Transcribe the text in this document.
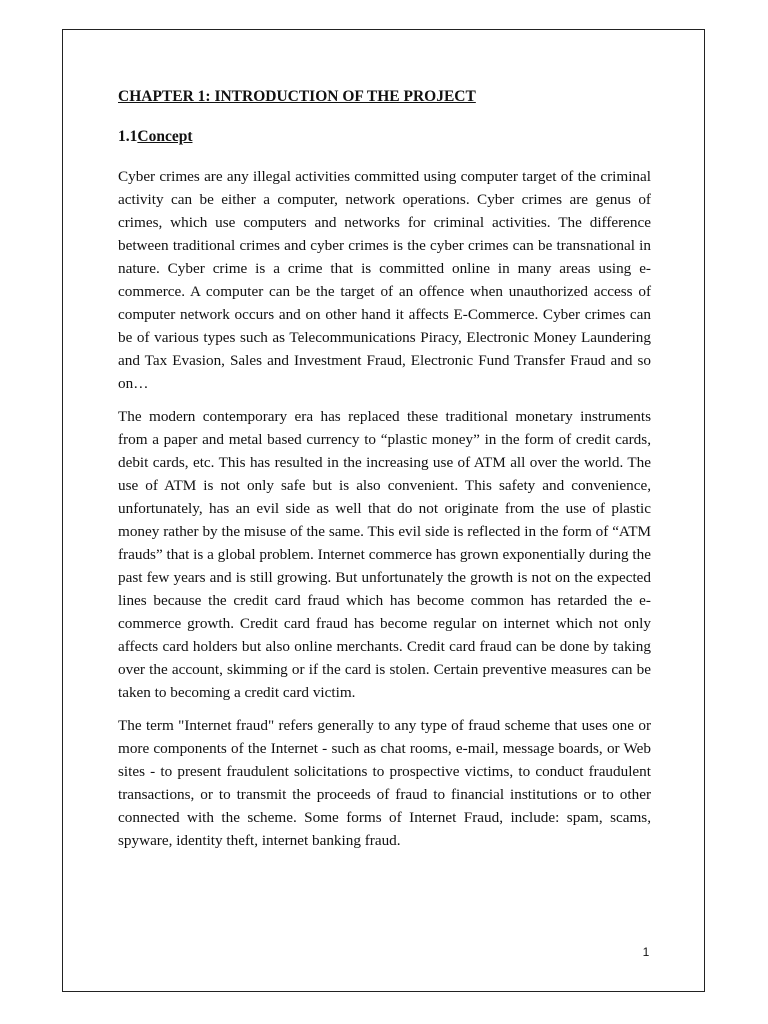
CHAPTER 1: INTRODUCTION OF THE PROJECT
1.1Concept

Cyber crimes are any illegal activities committed using computer target of the criminal activity can be either a computer, network operations. Cyber crimes are genus of crimes, which use computers and networks for criminal activities. The difference between traditional crimes and cyber crimes is the cyber crimes can be transnational in nature. Cyber crime is a crime that is committed online in many areas using e-commerce. A computer can be the target of an offence when unauthorized access of computer network occurs and on other hand it affects E-Commerce. Cyber crimes can be of various types such as Telecommunications Piracy, Electronic Money Laundering and Tax Evasion, Sales and Investment Fraud, Electronic Fund Transfer Fraud and so on…

The modern contemporary era has replaced these traditional monetary instruments from a paper and metal based currency to “plastic money” in the form of credit cards, debit cards, etc. This has resulted in the increasing use of ATM all over the world. The use of ATM is not only safe but is also convenient. This safety and convenience, unfortunately, has an evil side as well that do not originate from the use of plastic money rather by the misuse of the same. This evil side is reflected in the form of “ATM frauds” that is a global problem. Internet commerce has grown exponentially during the past few years and is still growing. But unfortunately the growth is not on the expected lines because the credit card fraud which has become common has retarded the e-commerce growth. Credit card fraud has become regular on internet which not only affects card holders but also online merchants. Credit card fraud can be done by taking over the account, skimming or if the card is stolen. Certain preventive measures can be taken to becoming a credit card victim.

The term "Internet fraud" refers generally to any type of fraud scheme that uses one or more components of the Internet - such as chat rooms, e-mail, message boards, or Web sites - to present fraudulent solicitations to prospective victims, to conduct fraudulent transactions, or to transmit the proceeds of fraud to financial institutions or to other connected with the scheme. Some forms of Internet Fraud, include: spam, scams, spyware, identity theft, internet banking fraud.

1
